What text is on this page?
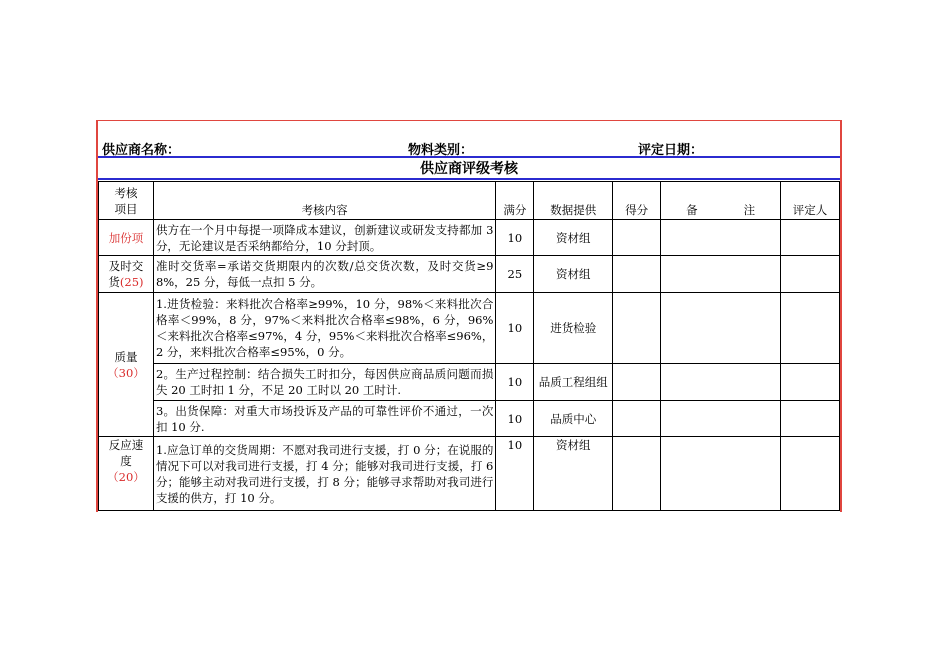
供应商名称：	物料类别：	评定日期：
供应商评级考核
考核
项目	考核内容	满分	数据提供	得分	备 注	评定人
加份项	供方在一个月中每提一项降成本建议，创新建议或研发支持都加 3 分，无论建议是否采纳都给分，10 分封顶。	10	资材组			

及时交
货(25)	准时交货率=承诺交货期限内的次数/总交货次数，及时交货≥98%，25 分，每低一点扣 5 分。	25	资材组			

质量
（30）	1.进货检验：来料批次合格率≥99%，10 分，98%＜来料批次合格率＜99%，8 分，97%＜来料批次合格率≤98%，6 分，96%＜来料批次合格率≤97%，4 分，95%＜来料批次合格率≤96%，2 分，来料批次合格率≤95%，0 分。	10	进货检验			
	2。生产过程控制：结合损失工时扣分，每因供应商品质问题而损失 20 工时扣 1 分，不足 20 工时以 20 工时计.	10	品质工程组组			
	3。出货保障：对重大市场投诉及产品的可靠性评价不通过，一次扣 10 分.	10	品质中心			

反应速
度
（20）	1.应急订单的交货周期：不愿对我司进行支援，打 0 分；在说服的情况下可以对我司进行支援，打 4 分；能够对我司进行支援，打 6 分；能够主动对我司进行支援，打 8 分；能够寻求帮助对我司进行支援的供方，打 10 分。	10	资材组			
